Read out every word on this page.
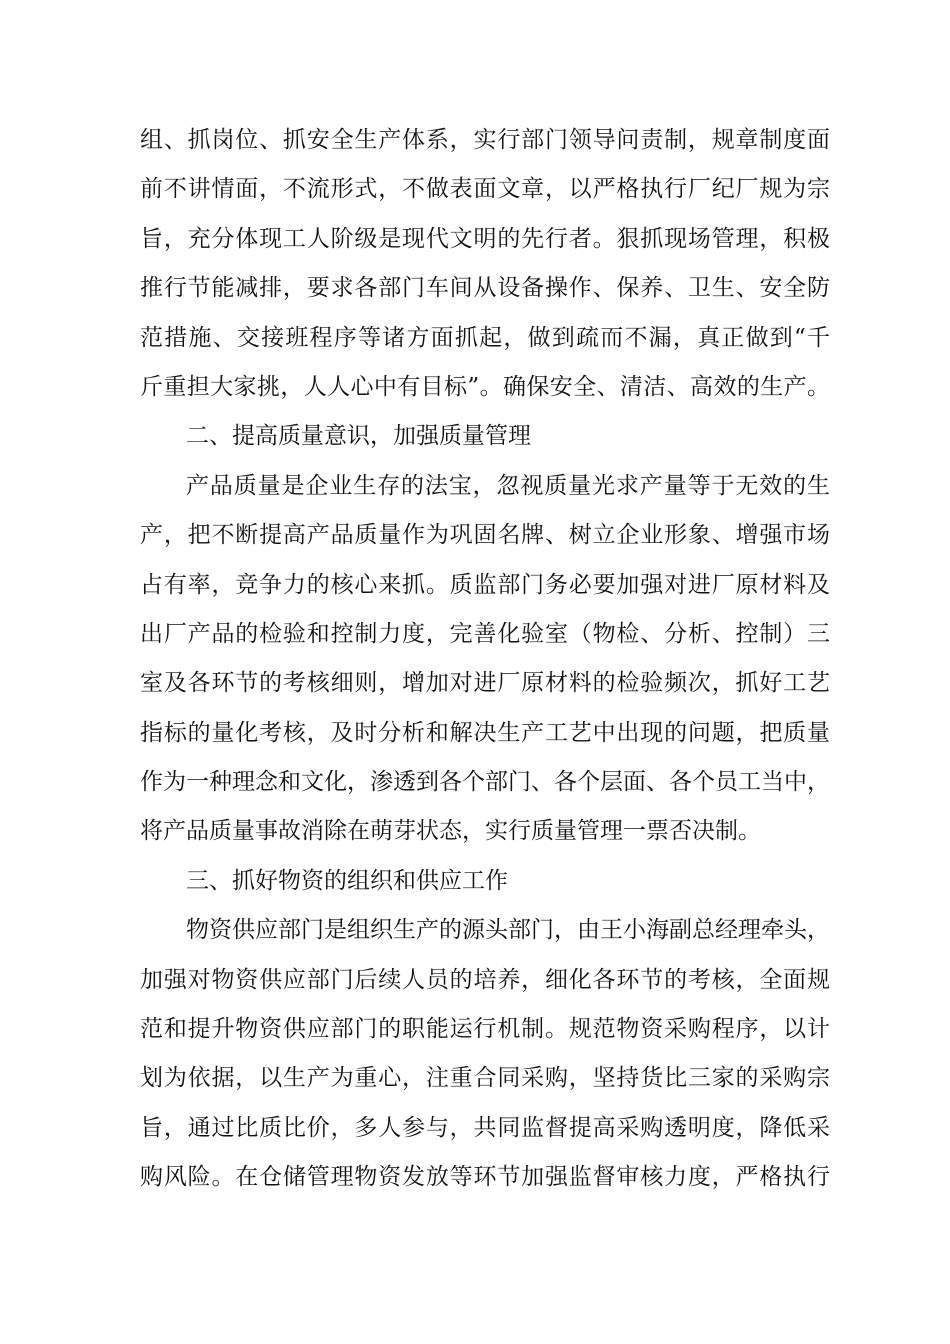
组、抓岗位、抓安全生产体系，实行部门领导问责制，规章制度面
前不讲情面，不流形式，不做表面文章，以严格执行厂纪厂规为宗
旨，充分体现工人阶级是现代文明的先行者。狠抓现场管理，积极
推行节能减排，要求各部门车间从设备操作、保养、卫生、安全防
范措施、交接班程序等诸方面抓起，做到疏而不漏，真正做到“千
斤重担大家挑，人人心中有目标”。确保安全、清洁、高效的生产。
二、提高质量意识，加强质量管理
产品质量是企业生存的法宝，忽视质量光求产量等于无效的生
产，把不断提高产品质量作为巩固名牌、树立企业形象、增强市场
占有率，竞争力的核心来抓。质监部门务必要加强对进厂原材料及
出厂产品的检验和控制力度，完善化验室（物检、分析、控制）三
室及各环节的考核细则，增加对进厂原材料的检验频次，抓好工艺
指标的量化考核，及时分析和解决生产工艺中出现的问题，把质量
作为一种理念和文化，渗透到各个部门、各个层面、各个员工当中，
将产品质量事故消除在萌芽状态，实行质量管理一票否决制。
三、抓好物资的组织和供应工作
物资供应部门是组织生产的源头部门，由王小海副总经理牵头，
加强对物资供应部门后续人员的培养，细化各环节的考核，全面规
范和提升物资供应部门的职能运行机制。规范物资采购程序，以计
划为依据，以生产为重心，注重合同采购，坚持货比三家的采购宗
旨，通过比质比价，多人参与，共同监督提高采购透明度，降低采
购风险。在仓储管理物资发放等环节加强监督审核力度，严格执行
